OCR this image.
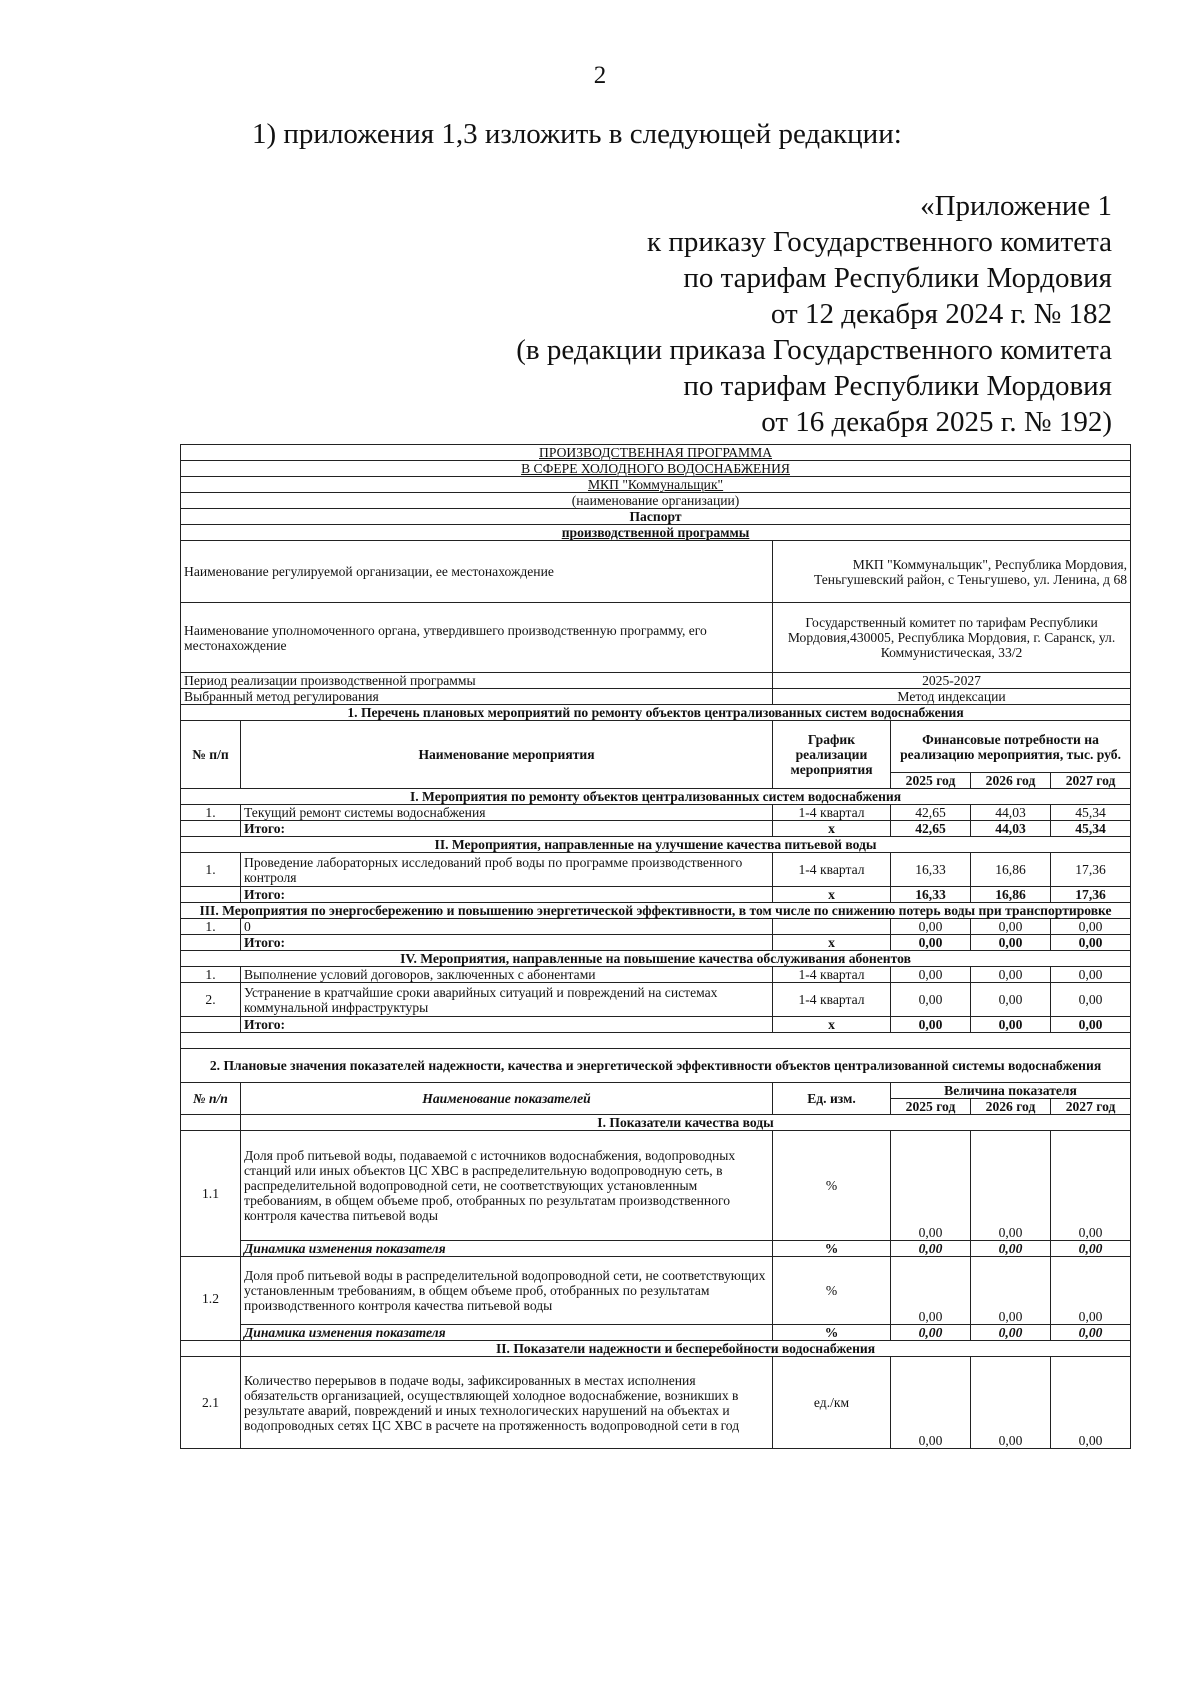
2
1) приложения 1,3 изложить в следующей редакции:
«Приложение 1
к приказу Государственного комитета
по тарифам Республики Мордовия
от 12 декабря 2024 г. № 182
(в редакции приказа Государственного комитета
по тарифам Республики Мордовия
от 16 декабря 2025 г. № 192)
ПРОИЗВОДСТВЕННАЯ ПРОГРАММА					
В СФЕРЕ ХОЛОДНОГО ВОДОСНАБЖЕНИЯ					
МКП "Коммунальщик"					
(наименование организации)					
Паспорт					
производственной программы					
Наименование регулируемой организации, ее местонахождение		МКП "Коммунальщик", Республика Мордовия, Теньгушевский район, с Теньгушево, ул. Ленина, д 68			
Наименование уполномоченного органа, утвердившего производственную программу, его местонахождение		Государственный комитет по тарифам Республики Мордовия,430005, Республика Мордовия, г. Саранск, ул. Коммунистическая, 33/2			
Период реализации производственной программы		2025-2027			
Выбранный метод регулирования		Метод индексации			
1. Перечень плановых мероприятий по ремонту объектов централизованных систем водоснабжения					
№ п/п	Наименование мероприятия	График реализации мероприятия	Финансовые потребности на реализацию мероприятия, тыс. руб.		
			2025 год	2026 год	2027 год
I. Мероприятия по ремонту объектов централизованных систем водоснабжения					
1.	Текущий ремонт системы водоснабжения	1-4 квартал	42,65	44,03	45,34
	Итого:	x	42,65	44,03	45,34
II. Мероприятия, направленные на улучшение качества питьевой воды					
1.	Проведение лабораторных исследований проб воды по программе производственного контроля	1-4 квартал	16,33	16,86	17,36
	Итого:	x	16,33	16,86	17,36
III. Мероприятия по энергосбережению и повышению энергетической эффективности, в том числе по снижению потерь воды при транспортировке					
1.	0		0,00	0,00	0,00
	Итого:	x	0,00	0,00	0,00
IV. Мероприятия, направленные на повышение качества обслуживания абонентов					
1.	Выполнение условий договоров, заключенных с абонентами	1-4 квартал	0,00	0,00	0,00
2.	Устранение в кратчайшие сроки аварийных ситуаций и повреждений на системах коммунальной инфраструктуры	1-4 квартал	0,00	0,00	0,00
	Итого:	x	0,00	0,00	0,00

2. Плановые значения показателей надежности, качества и энергетической эффективности объектов централизованной системы водоснабжения					
№ п/п	Наименование показателей	Ед. изм.	Величина показателя		
			2025 год	2026 год	2027 год
	I. Показатели качества воды				
1.1	Доля проб питьевой воды, подаваемой с источников водоснабжения, водопроводных станций или иных объектов ЦС ХВС в распределительную водопроводную сеть, в распределительной водопроводной сети, не соответствующих установленным требованиям, в общем объеме проб, отобранных по результатам производственного контроля качества питьевой воды	%	0,00	0,00	0,00
	Динамика изменения показателя	%	0,00	0,00	0,00
1.2	Доля проб питьевой воды в распределительной водопроводной сети, не соответствующих установленным требованиям, в общем объеме проб, отобранных по результатам производственного контроля качества питьевой воды	%	0,00	0,00	0,00
	Динамика изменения показателя	%	0,00	0,00	0,00
	II. Показатели надежности и бесперебойности водоснабжения				
2.1	Количество перерывов в подаче воды, зафиксированных в местах исполнения обязательств организацией, осуществляющей холодное водоснабжение, возникших в результате аварий, повреждений и иных технологических нарушений на объектах и водопроводных сетях ЦС ХВС в расчете на протяженность водопроводной сети в год	ед./км	0,00	0,00	0,00
